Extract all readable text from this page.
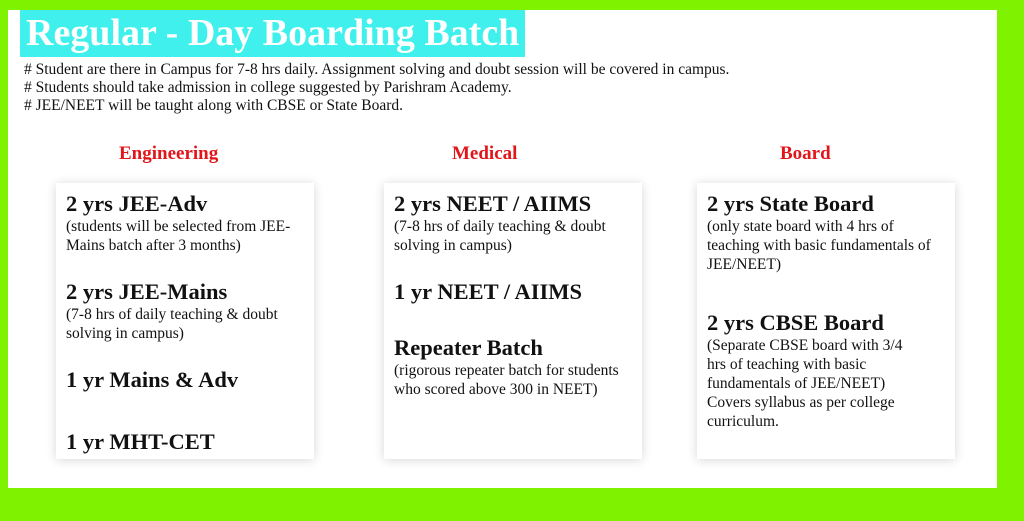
Regular - Day Boarding Batch
# Student are there in Campus for 7-8 hrs daily. Assignment solving and doubt session will be covered in campus.
# Students should take admission in college suggested by Parishram Academy.
# JEE/NEET will be taught along with CBSE or State Board.
Engineering	Medical	Board
2 yrs JEE-Adv
(students will be selected from JEE-Mains batch after 3 months)
2 yrs JEE-Mains
(7-8 hrs of daily teaching & doubt solving in campus)
1 yr Mains & Adv
1 yr MHT-CET
2 yrs NEET / AIIMS
(7-8 hrs of daily teaching & doubt solving in campus)
1 yr NEET / AIIMS
Repeater Batch
(rigorous repeater batch for students who scored above 300 in NEET)
2 yrs State Board
(only state board with 4 hrs of teaching with basic fundamentals of JEE/NEET)
2 yrs CBSE Board
(Separate CBSE board with 3/4 hrs of teaching with basic fundamentals of JEE/NEET) Covers syllabus as per college curriculum.
